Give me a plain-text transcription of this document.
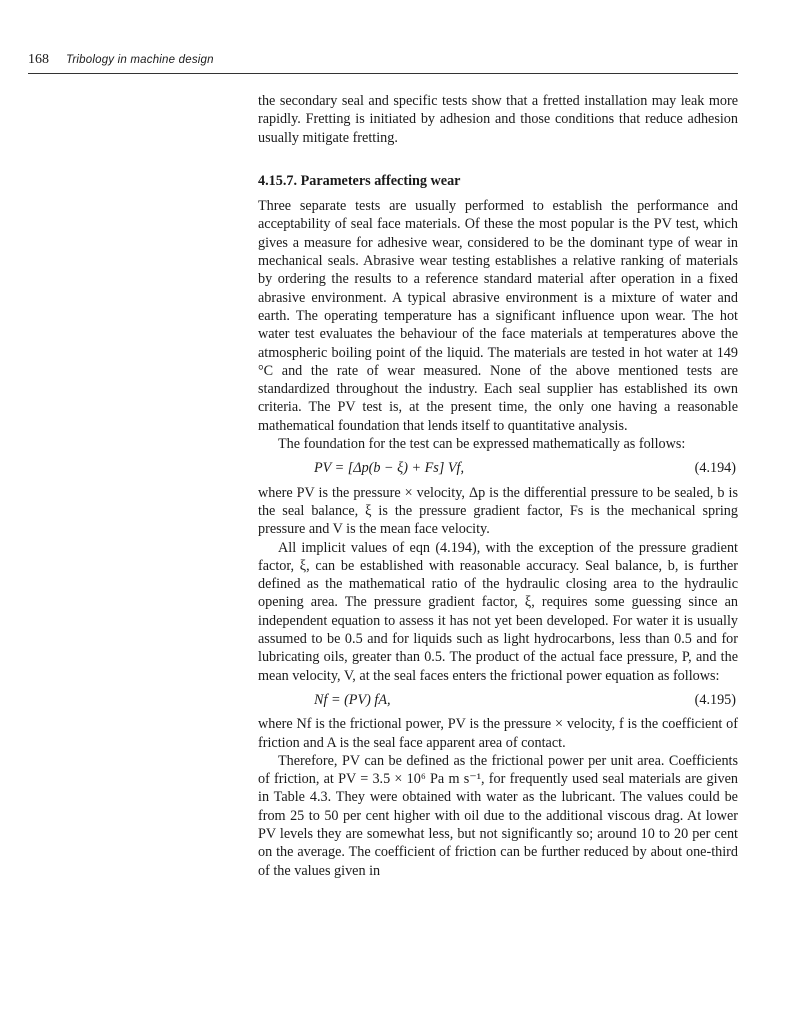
168 Tribology in machine design

the secondary seal and specific tests show that a fretted installation may leak more rapidly. Fretting is initiated by adhesion and those conditions that reduce adhesion usually mitigate fretting.

4.15.7. Parameters affecting wear

Three separate tests are usually performed to establish the performance and acceptability of seal face materials. Of these the most popular is the PV test, which gives a measure for adhesive wear, considered to be the dominant type of wear in mechanical seals. Abrasive wear testing establishes a relative ranking of materials by ordering the results to a reference standard material after operation in a fixed abrasive environment. A typical abrasive environment is a mixture of water and earth. The operating temperature has a significant influence upon wear. The hot water test evaluates the behaviour of the face materials at temperatures above the atmospheric boiling point of the liquid. The materials are tested in hot water at 149 °C and the rate of wear measured. None of the above mentioned tests are standardized throughout the industry. Each seal supplier has established its own criteria. The PV test is, at the present time, the only one having a reasonable mathematical foundation that lends itself to quantitative analysis.

The foundation for the test can be expressed mathematically as follows:

PV = [Δp(b − ξ) + Fs] Vf,	(4.194)

where PV is the pressure × velocity, Δp is the differential pressure to be sealed, b is the seal balance, ξ is the pressure gradient factor, Fs is the mechanical spring pressure and V is the mean face velocity.

All implicit values of eqn (4.194), with the exception of the pressure gradient factor, ξ, can be established with reasonable accuracy. Seal balance, b, is further defined as the mathematical ratio of the hydraulic closing area to the hydraulic opening area. The pressure gradient factor, ξ, requires some guessing since an independent equation to assess it has not yet been developed. For water it is usually assumed to be 0.5 and for liquids such as light hydrocarbons, less than 0.5 and for lubricating oils, greater than 0.5. The product of the actual face pressure, P, and the mean velocity, V, at the seal faces enters the frictional power equation as follows:

Nf = (PV) fA,	(4.195)

where Nf is the frictional power, PV is the pressure × velocity, f is the coefficient of friction and A is the seal face apparent area of contact.

Therefore, PV can be defined as the frictional power per unit area. Coefficients of friction, at PV = 3.5 × 10⁶ Pa m s⁻¹, for frequently used seal materials are given in Table 4.3. They were obtained with water as the lubricant. The values could be from 25 to 50 per cent higher with oil due to the additional viscous drag. At lower PV levels they are somewhat less, but not significantly so; around 10 to 20 per cent on the average. The coefficient of friction can be further reduced by about one-third of the values given in
